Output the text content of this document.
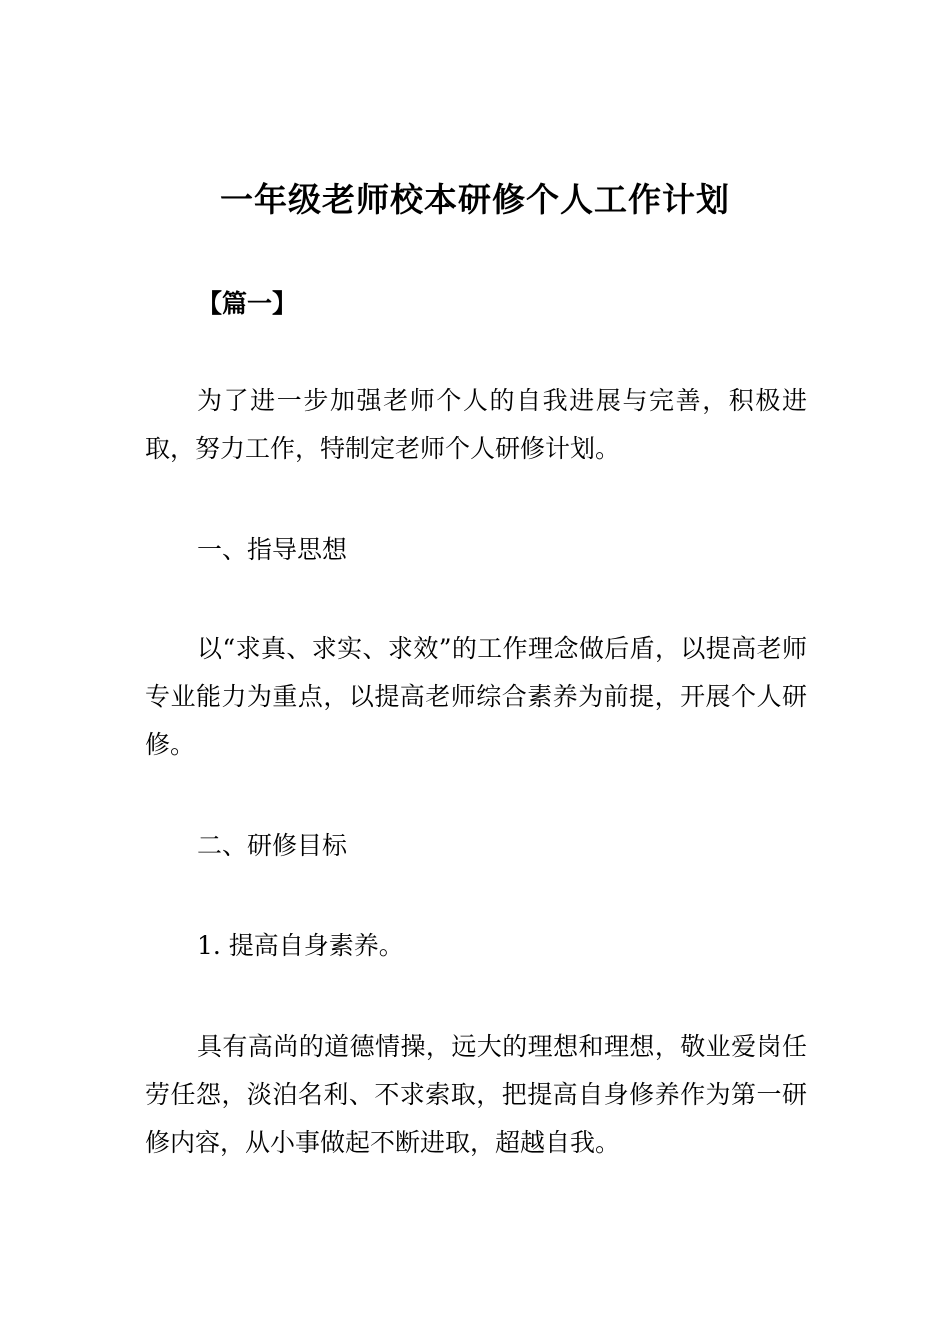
一年级老师校本研修个人工作计划
【篇一】
为了进一步加强老师个人的自我进展与完善，积极进取，努力工作，特制定老师个人研修计划。
一、指导思想
以“求真、求实、求效”的工作理念做后盾，以提高老师专业能力为重点，以提高老师综合素养为前提，开展个人研修。
二、研修目标
1. 提高自身素养。
具有高尚的道德情操，远大的理想和理想，敬业爱岗任劳任怨，淡泊名利、不求索取，把提高自身修养作为第一研修内容，从小事做起不断进取，超越自我。
